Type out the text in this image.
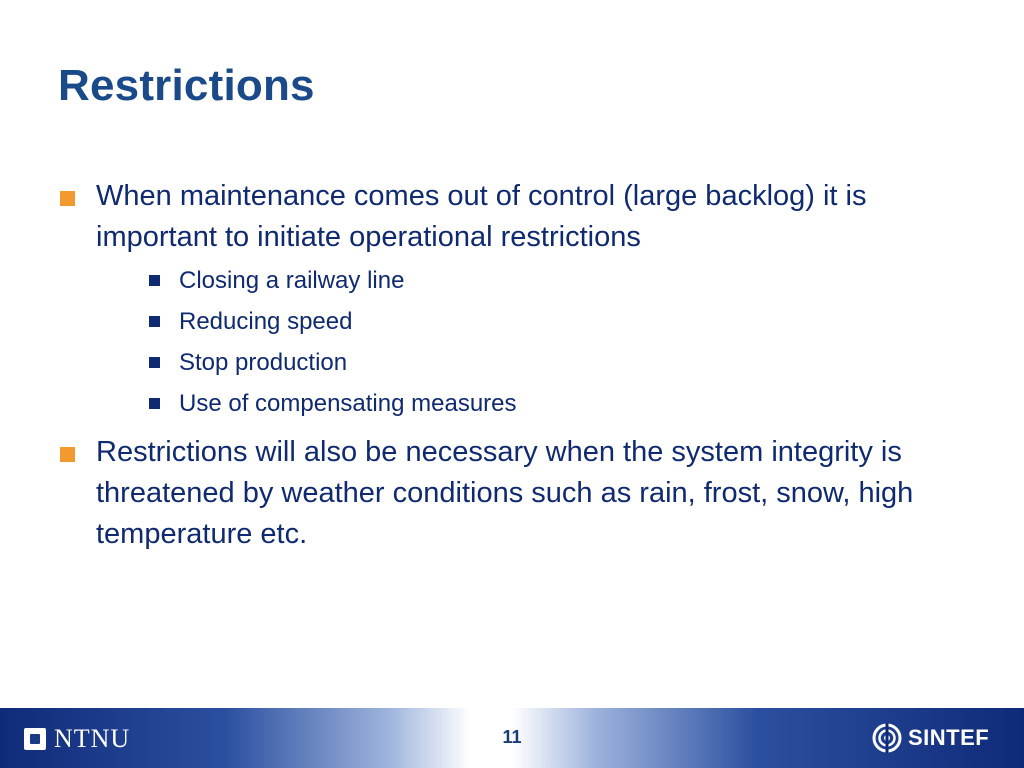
Restrictions
When maintenance comes out of control (large backlog) it is important to initiate operational restrictions
Closing a railway line
Reducing speed
Stop production
Use of compensating measures
Restrictions will also be necessary when the system integrity is threatened by weather conditions such as rain, frost, snow, high temperature etc.
NTNU	11	SINTEF
